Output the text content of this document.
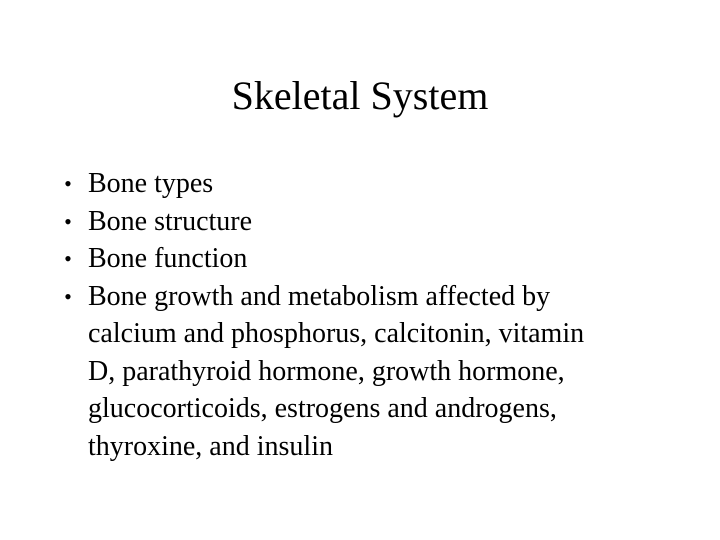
Skeletal System
• Bone types
• Bone structure
• Bone function
• Bone growth and metabolism affected by
calcium and phosphorus, calcitonin, vitamin
D, parathyroid hormone, growth hormone,
glucocorticoids, estrogens and androgens,
thyroxine, and insulin
